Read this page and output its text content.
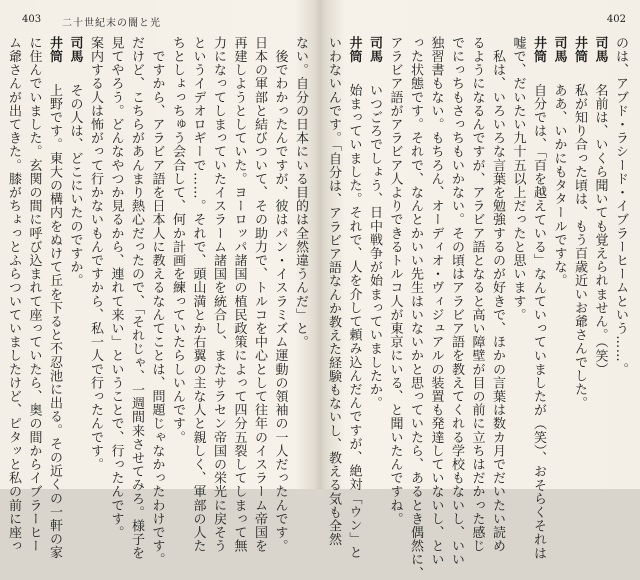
403 二十世紀末の闇と光
ない。自分の日本にいる目的は全然違うんだ」と。
　後でわかったんですが、彼はパン・イスラミズム運動の領袖の一人だったんです。
日本の軍部と結びついて、その助力で、トルコを中心として往年のイスラーム帝国を
再建しようとしていた。ヨーロッパ諸国の植民政策によって四分五裂してしまって無
力になってしまっていたイスラーム諸国を統合し、またサラセン帝国の栄光に戻そう
というイデオロギーで……。それで、頭山満とか右翼の主な人と親しく、軍部の人た
ちとしょっちゅう会合して、何か計画を練っていたらしいんです。
　ですから、アラビア語を日本人に教えるなんてことは、問題じゃなかったわけです。
だけど、こちらがあんまり熱心だったので、「それじゃ、一週間来させてみろ。様子を
見てやろう。どんなやつか見るから、連れて来い」ということで、行ったんです。
案内する人は怖がって行かないもんですから、私一人で行ったんです。
司馬　その人は、どこにいたのですか。
井筒　上野です。東大の構内をぬけて丘を下ると不忍池に出る。その近くの一軒の家
に住んでいました。玄関の間に呼び込まれて座っていたら、奥の間からイブラーヒー
ム爺さんが出てきた。膝がちょっとふらついていましたけど、ピタッと私の前に座っ
402
のは、アブド・ラシード・イブラーヒームという……。
司馬　名前は、いくら聞いても覚えられません。（笑）
井筒　私が知り合った頃は、もう百歳近いお爺さんでした。
司馬　ああ、いかにもタタールですな。
井筒　自分では、「百を越えている」なんていっていましたが（笑）、おそらくそれは
嘘で、だいたい九十五以上だったと思います。
　私は、いろいろな言葉を勉強するのが好きで、ほかの言葉は数カ月でだいたい読め
るようになるんですが、アラビア語となると高い障壁が目の前に立ちはだかった感じ
でにっちもさっちもいかない。その頃はアラビア語を教えてくれる学校もないし、いい
独習書もない。もちろん、オーディオ・ヴィジュアルの装置も発達していないし、とい
った状態です。それで、なんとかいい先生はいないかと思っていたら、あるとき偶然に、
アラビア語がアラビア人よりできるトルコ人が東京にいる、と聞いたんですね。
司馬　いつごろでしょう、日中戦争が始まっていましたか。
井筒　始まっていました。それで、人を介して頼み込んだんですが、絶対「ウン」と
いわないんです。「自分は、アラビア語なんか教えた経験もないし、教える気も全然
